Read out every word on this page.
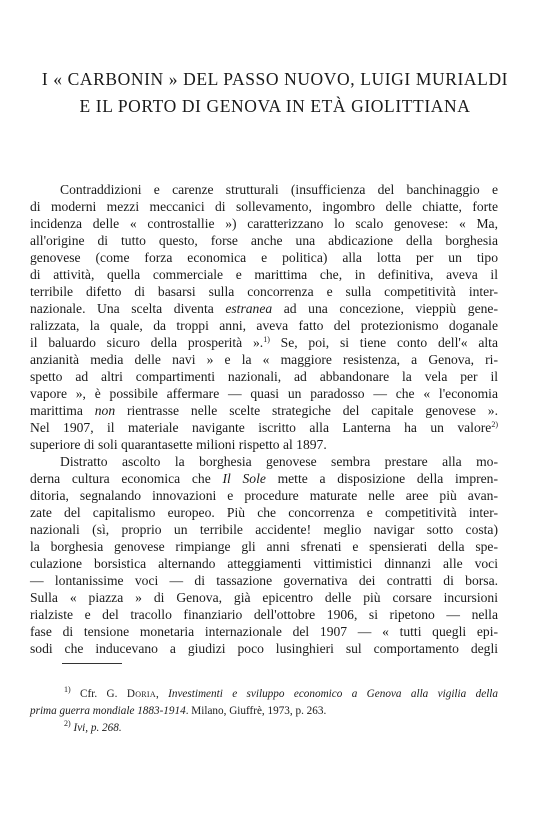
I « CARBONIN » DEL PASSO NUOVO, LUIGI MURIALDI
E IL PORTO DI GENOVA IN ETÀ GIOLITTIANA
Contraddizioni e carenze strutturali (insufficienza del banchinaggio e
di moderni mezzi meccanici di sollevamento, ingombro delle chiatte, forte
incidenza delle « controstallie ») caratterizzano lo scalo genovese: « Ma,
all'origine di tutto questo, forse anche una abdicazione della borghesia
genovese (come forza economica e politica) alla lotta per un tipo
di attività, quella commerciale e marittima che, in definitiva, aveva il
terribile difetto di basarsi sulla concorrenza e sulla competitività inter-
nazionale. Una scelta diventa estranea ad una concezione, vieppiù gene-
ralizzata, la quale, da troppi anni, aveva fatto del protezionismo doganale
il baluardo sicuro della prosperità ».$^{1)}$ Se, poi, si tiene conto dell'« alta
anzianità media delle navi » e la « maggiore resistenza, a Genova, ri-
spetto ad altri compartimenti nazionali, ad abbandonare la vela per il
vapore », è possibile affermare — quasi un paradosso — che « l'economia
marittima non rientrasse nelle scelte strategiche del capitale genovese ».
Nel 1907, il materiale navigante iscritto alla Lanterna ha un valore$^{2)}$
superiore di soli quarantasette milioni rispetto al 1897.
Distratto ascolto la borghesia genovese sembra prestare alla mo-
derna cultura economica che Il Sole mette a disposizione della impren-
ditoria, segnalando innovazioni e procedure maturate nelle aree più avan-
zate del capitalismo europeo. Più che concorrenza e competitività inter-
nazionali (sì, proprio un terribile accidente! meglio navigar sotto costa)
la borghesia genovese rimpiange gli anni sfrenati e spensierati della spe-
culazione borsistica alternando atteggiamenti vittimistici dinnanzi alle voci
— lontanissime voci — di tassazione governativa dei contratti di borsa.
Sulla « piazza » di Genova, già epicentro delle più corsare incursioni
rialziste e del tracollo finanziario dell'ottobre 1906, si ripetono — nella
fase di tensione monetaria internazionale del 1907 — « tutti quegli epi-
sodi che inducevano a giudizi poco lusinghieri sul comportamento degli
$^{1)}$ Cfr. G. Doria, Investimenti e sviluppo economico a Genova alla vigilia della
prima guerra mondiale 1883-1914. Milano, Giuffrè, 1973, p. 263.
$^{2)}$ Ivi, p. 268.
